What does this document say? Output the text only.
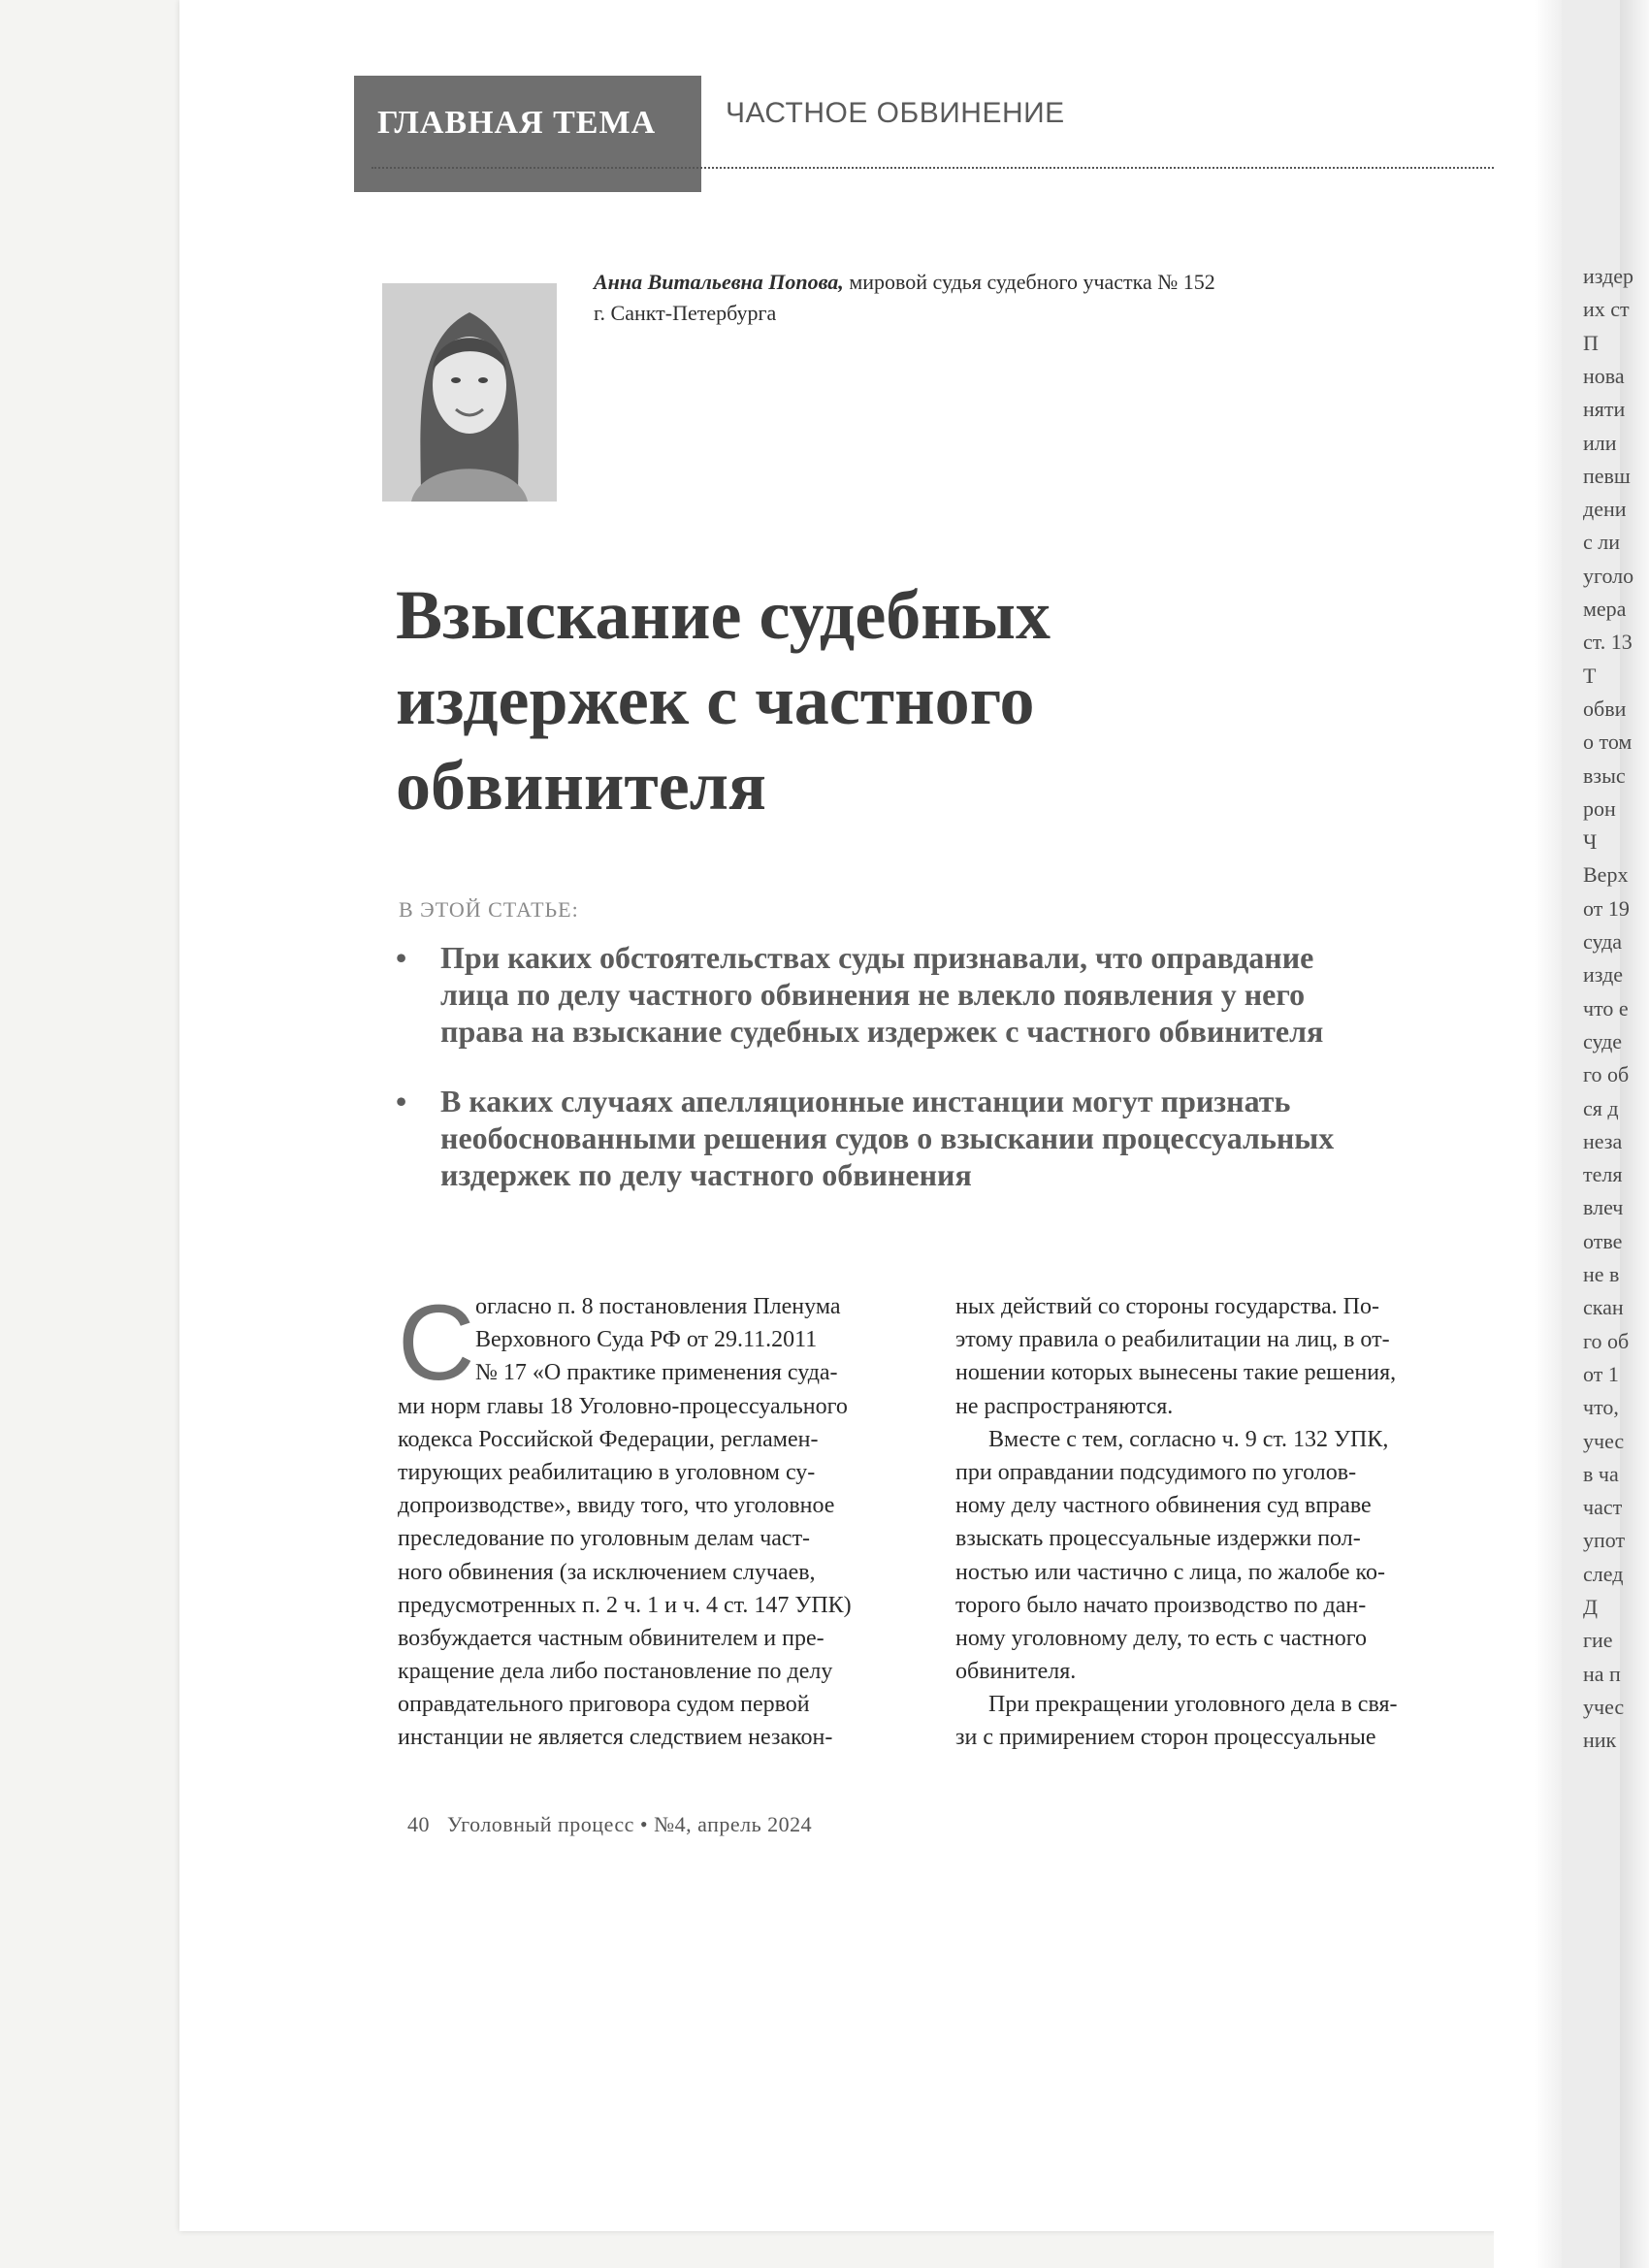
ГЛАВНАЯ ТЕМА ЧАСТНОЕ ОБВИНЕНИЕ
Анна Витальевна Попова, мировой судья судебного участка № 152
г. Санкт-Петербурга
Взыскание судебных
издержек с частного
обвинителя
В ЭТОЙ СТАТЬЕ:
• При каких обстоятельствах суды признавали, что оправдание
лица по делу частного обвинения не влекло появления у него
права на взыскание судебных издержек с частного обвинителя
• В каких случаях апелляционные инстанции могут признать
необоснованными решения судов о взыскании процессуальных
издержек по делу частного обвинения
С огласно п. 8 постановления Пленума
Верховного Суда РФ от 29.11.2011
№ 17 «О практике применения суда-
ми норм главы 18 Уголовно-процессуального
кодекса Российской Федерации, регламен-
тирующих реабилитацию в уголовном су-
допроизводстве», ввиду того, что уголовное
преследование по уголовным делам част-
ного обвинения (за исключением случаев,
предусмотренных п. 2 ч. 1 и ч. 4 ст. 147 УПК)
возбуждается частным обвинителем и пре-
кращение дела либо постановление по делу
оправдательного приговора судом первой
инстанции не является следствием незакон-
ных действий со стороны государства. По-
этому правила о реабилитации на лиц, в от-
ношении которых вынесены такие решения,
не распространяются.
Вместе с тем, согласно ч. 9 ст. 132 УПК,
при оправдании подсудимого по уголов-
ному делу частного обвинения суд вправе
взыскать процессуальные издержки пол-
ностью или частично с лица, по жалобе ко-
торого было начато производство по дан-
ному уголовному делу, то есть с частного
обвинителя.
При прекращении уголовного дела в свя-
зи с примирением сторон процессуальные
40 Уголовный процесс • №4, апрель 2024
издер
их ст
П
нова
няти
или
певш
дени
с ли
уголо
мера
ст. 13
Т
обви
о том
взыс
рон
Ч
Верх
от 19
суда
изде
что е
суде
го об
ся д
неза
теля
влеч
отве
не в
скан
го об
от 1
что,
учес
в ча
част
упот
след
Д
гие
на п
учес
ник
